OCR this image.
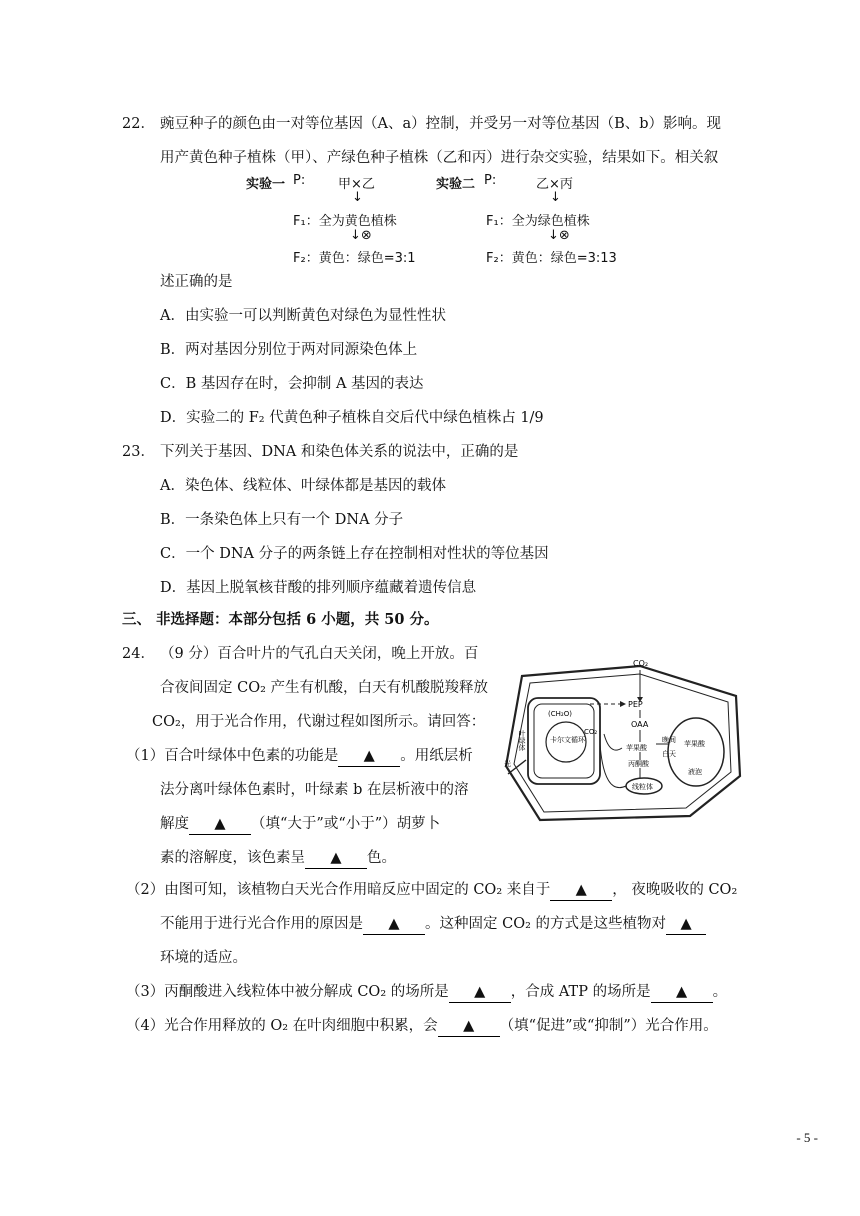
22． 豌豆种子的颜色由一对等位基因（A、a）控制，并受另一对等位基因（B、b）影响。现
用产黄色种子植株（甲）、产绿色种子植株（乙和丙）进行杂交实验，结果如下。相关叙
实验一 P:	甲×乙
↓
F₁：全为黄色植株
↓⊗
F₂：黄色：绿色=3:1
实验二 P:	乙×丙
↓
F₁：全为绿色植株
↓⊗
F₂：黄色：绿色=3:13
述正确的是
A．由实验一可以判断黄色对绿色为显性性状
B．两对基因分别位于两对同源染色体上
C．B 基因存在时，会抑制 A 基因的表达
D．实验二的 F₂ 代黄色种子植株自交后代中绿色植株占 1/9
23． 下列关于基因、DNA 和染色体关系的说法中，正确的是
A．染色体、线粒体、叶绿体都是基因的载体
B．一条染色体上只有一个 DNA 分子
C．一个 DNA 分子的两条链上存在控制相对性状的等位基因
D．基因上脱氧核苷酸的排列顺序蕴藏着遗传信息
三、 非选择题：本部分包括 6 小题，共 50 分。
24． （9 分）百合叶片的气孔白天关闭，晚上开放。百
合夜间固定 CO₂ 产生有机酸，白天有机酸脱羧释放
CO₂，用于光合作用，代谢过程如图所示。请回答：
（1）百合叶绿体中色素的功能是 ▲ 。用纸层析
法分离叶绿体色素时，叶绿素 b 在层析液中的溶
解度 ▲ （填“大于”或“小于”）胡萝卜
素的溶解度，该色素呈 ▲ 色。
（2）由图可知，该植物白天光合作用暗反应中固定的 CO₂ 来自于 ▲ ， 夜晚吸收的 CO₂
不能用于进行光合作用的原因是 ▲ 。这种固定 CO₂ 的方式是这些植物对 ▲
环境的适应。
（3）丙酮酸进入线粒体中被分解成 CO₂ 的场所是 ▲ ，合成 ATP 的场所是 ▲ 。
（4）光合作用释放的 O₂ 在叶肉细胞中积累，会 ▲ （填“促进”或“抑制”）光合作用。
CO₂
PEP
OAA
(CH₂O)
卡尔文循环
叶绿体	CO₂
苹果酸
晚间
白天
苹果酸
液泡
丙酮酸
线粒体
光
- 5 -
